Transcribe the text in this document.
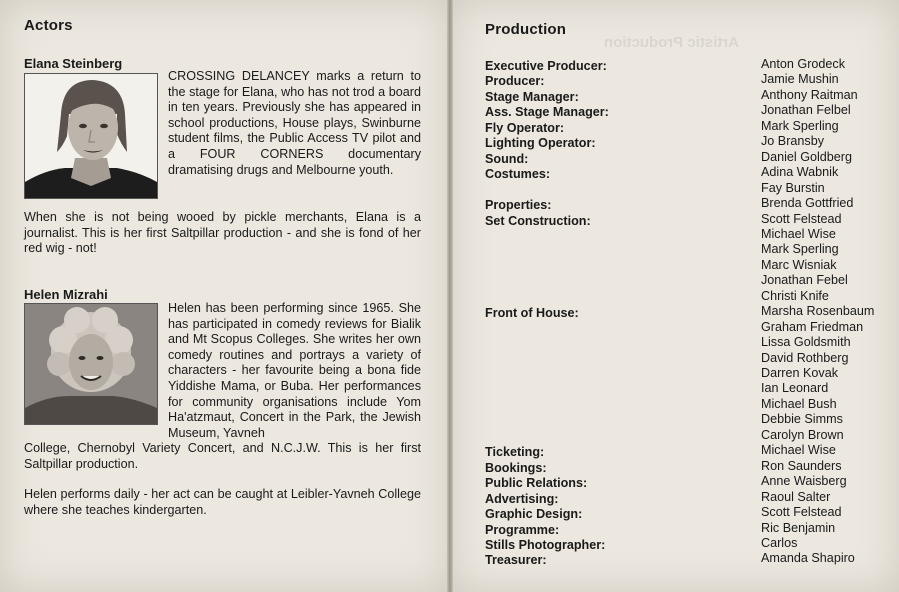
Actors
Elana Steinberg

CROSSING DELANCEY marks a return to the stage for Elana, who has not trod a board in ten years. Previously she has appeared in school productions, House plays, Swinburne student films, the Public Access TV pilot and a FOUR CORNERS documentary dramatising drugs and Melbourne youth.

When she is not being wooed by pickle merchants, Elana is a journalist. This is her first Saltpillar production - and she is fond of her red wig - not!

Helen Mizrahi

Helen has been performing since 1965. She has participated in comedy reviews for Bialik and Mt Scopus Colleges. She writes her own comedy routines and portrays a variety of characters - her favourite being a bona fide Yiddishe Mama, or Buba. Her performances for community organisations include Yom Ha'atzmaut, Concert in the Park, the Jewish Museum, Yavneh

College, Chernobyl Variety Concert, and N.C.J.W. This is her first Saltpillar production.

Helen performs daily - her act can be caught at Leibler-Yavneh College where she teaches kindergarten.

Production
Executive Producer:	Anton Grodeck
Producer:	Jamie Mushin
Stage Manager:	Anthony Raitman
Ass. Stage Manager:	Jonathan Felbel
Fly Operator:	Mark Sperling
Lighting Operator:	Jo Bransby
Sound:	Daniel Goldberg
Costumes:	Adina Wabnik
Fay Burstin
Properties:	Brenda Gottfried
Set Construction:	Scott Felstead
Michael Wise
Mark Sperling
Marc Wisniak
Jonathan Febel
Christi Knife
Front of House:	Marsha Rosenbaum
Graham Friedman
Lissa Goldsmith
David Rothberg
Darren Kovak
Ian Leonard
Michael Bush
Debbie Simms
Carolyn Brown
Ticketing:	Michael Wise
Bookings:	Ron Saunders
Public Relations:	Anne Waisberg
Advertising:	Raoul Salter
Graphic Design:	Scott Felstead
Programme:	Ric Benjamin
Stills Photographer:	Carlos
Treasurer:	Amanda Shapiro
Artistic Production
